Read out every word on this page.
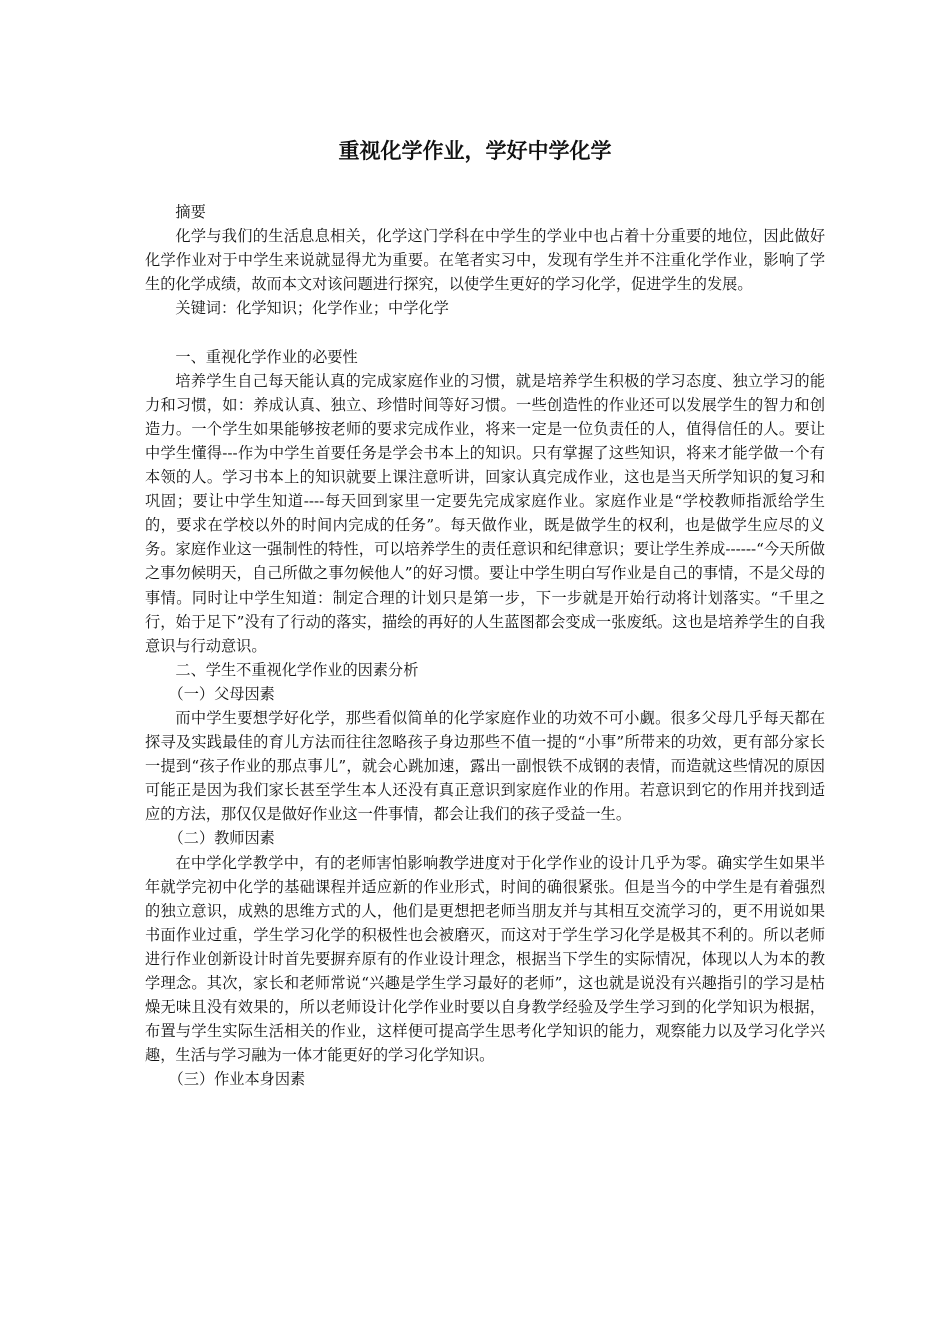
重视化学作业，学好中学化学

摘要

化学与我们的生活息息相关，化学这门学科在中学生的学业中也占着十分重要的地位，因此做好化学作业对于中学生来说就显得尤为重要。在笔者实习中，发现有学生并不注重化学作业，影响了学生的化学成绩，故而本文对该问题进行探究，以使学生更好的学习化学，促进学生的发展。

关键词：化学知识；化学作业；中学化学

一、重视化学作业的必要性

培养学生自己每天能认真的完成家庭作业的习惯，就是培养学生积极的学习态度、独立学习的能力和习惯，如：养成认真、独立、珍惜时间等好习惯。一些创造性的作业还可以发展学生的智力和创造力。一个学生如果能够按老师的要求完成作业，将来一定是一位负责任的人，值得信任的人。要让中学生懂得---作为中学生首要任务是学会书本上的知识。只有掌握了这些知识，将来才能学做一个有本领的人。学习书本上的知识就要上课注意听讲，回家认真完成作业，这也是当天所学知识的复习和巩固；要让中学生知道----每天回到家里一定要先完成家庭作业。家庭作业是“学校教师指派给学生的，要求在学校以外的时间内完成的任务”。每天做作业，既是做学生的权利，也是做学生应尽的义务。家庭作业这一强制性的特性，可以培养学生的责任意识和纪律意识；要让学生养成------“今天所做之事勿候明天，自己所做之事勿候他人”的好习惯。要让中学生明白写作业是自己的事情，不是父母的事情。同时让中学生知道：制定合理的计划只是第一步，下一步就是开始行动将计划落实。“千里之行，始于足下”没有了行动的落实，描绘的再好的人生蓝图都会变成一张废纸。这也是培养学生的自我意识与行动意识。

二、学生不重视化学作业的因素分析

（一）父母因素

而中学生要想学好化学，那些看似简单的化学家庭作业的功效不可小觑。很多父母几乎每天都在探寻及实践最佳的育儿方法而往往忽略孩子身边那些不值一提的“小事”所带来的功效，更有部分家长一提到“孩子作业的那点事儿”，就会心跳加速，露出一副恨铁不成钢的表情，而造就这些情况的原因可能正是因为我们家长甚至学生本人还没有真正意识到家庭作业的作用。若意识到它的作用并找到适应的方法，那仅仅是做好作业这一件事情，都会让我们的孩子受益一生。

（二）教师因素

在中学化学教学中，有的老师害怕影响教学进度对于化学作业的设计几乎为零。确实学生如果半年就学完初中化学的基础课程并适应新的作业形式，时间的确很紧张。但是当今的中学生是有着强烈的独立意识，成熟的思维方式的人，他们是更想把老师当朋友并与其相互交流学习的，更不用说如果书面作业过重，学生学习化学的积极性也会被磨灭，而这对于学生学习化学是极其不利的。所以老师进行作业创新设计时首先要摒弃原有的作业设计理念，根据当下学生的实际情况，体现以人为本的教学理念。其次，家长和老师常说“兴趣是学生学习最好的老师”，这也就是说没有兴趣指引的学习是枯燥无味且没有效果的，所以老师设计化学作业时要以自身教学经验及学生学习到的化学知识为根据，布置与学生实际生活相关的作业，这样便可提高学生思考化学知识的能力，观察能力以及学习化学兴趣，生活与学习融为一体才能更好的学习化学知识。

（三）作业本身因素
